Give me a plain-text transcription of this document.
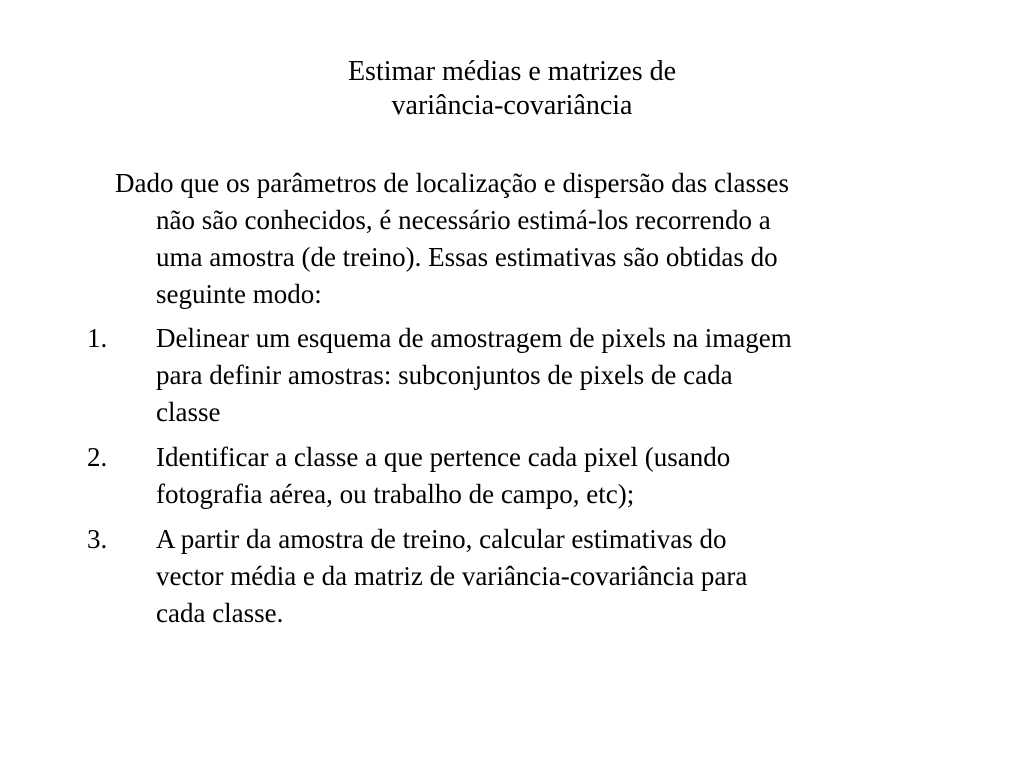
Estimar médias e matrizes de
variância-covariância
Dado que os parâmetros de localização e dispersão das classes
não são conhecidos, é necessário estimá-los recorrendo a
uma amostra (de treino). Essas estimativas são obtidas do
seguinte modo:
1. Delinear um esquema de amostragem de pixels na imagem
para definir amostras: subconjuntos de pixels de cada
classe
2. Identificar a classe a que pertence cada pixel (usando
fotografia aérea, ou trabalho de campo, etc);
3. A partir da amostra de treino, calcular estimativas do
vector média e da matriz de variância-covariância para
cada classe.
